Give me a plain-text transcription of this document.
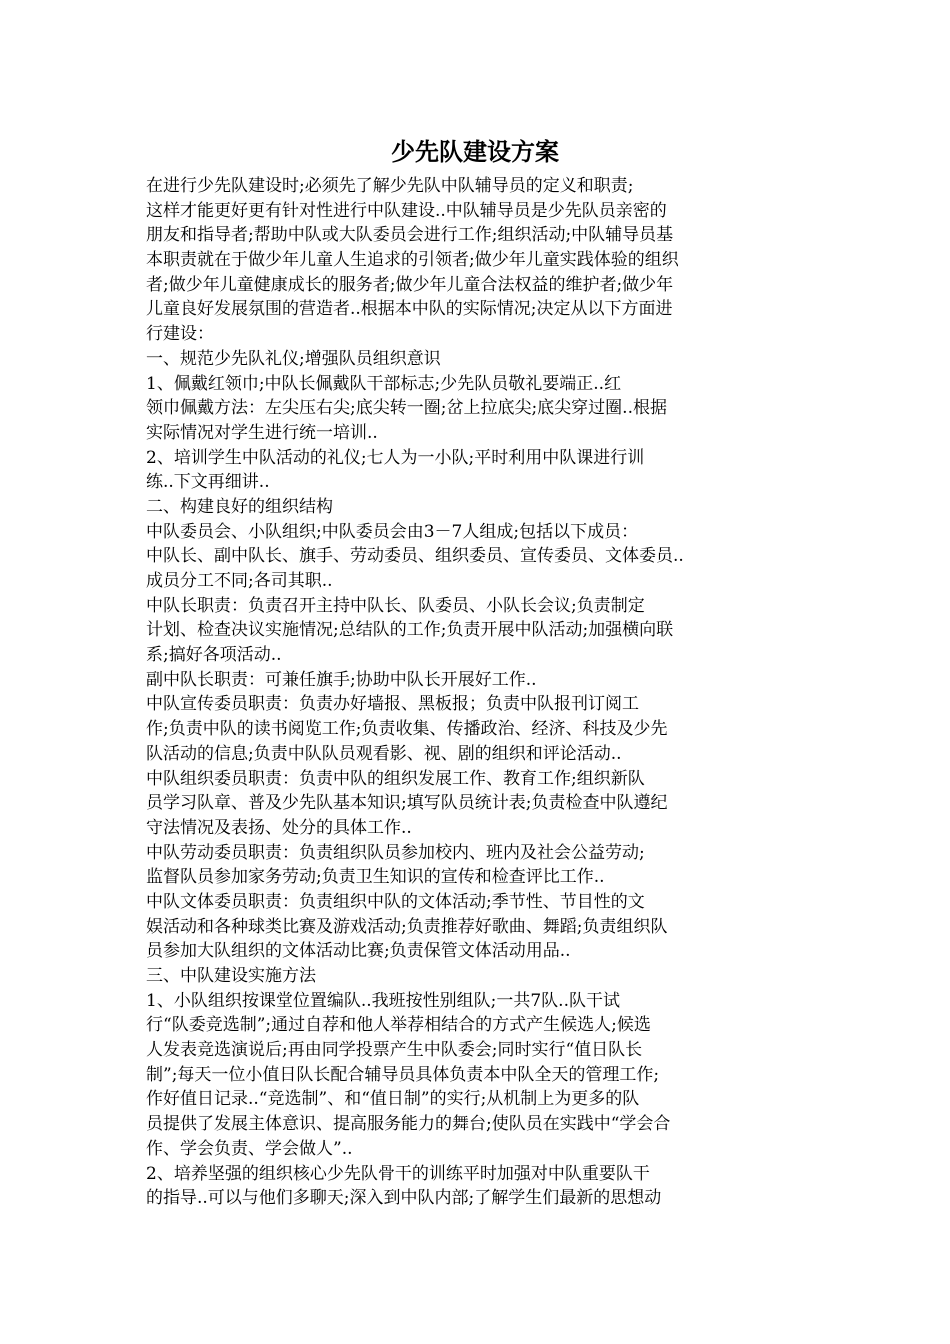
少先队建设方案
在进行少先队建设时;必须先了解少先队中队辅导员的定义和职责;
这样才能更好更有针对性进行中队建设..中队辅导员是少先队员亲密的
朋友和指导者;帮助中队或大队委员会进行工作;组织活动;中队辅导员基
本职责就在于做少年儿童人生追求的引领者;做少年儿童实践体验的组织
者;做少年儿童健康成长的服务者;做少年儿童合法权益的维护者;做少年
儿童良好发展氛围的营造者..根据本中队的实际情况;决定从以下方面进
行建设：
一、规范少先队礼仪;增强队员组织意识
1、佩戴红领巾;中队长佩戴队干部标志;少先队员敬礼要端正..红
领巾佩戴方法：左尖压右尖;底尖转一圈;岔上拉底尖;底尖穿过圈..根据
实际情况对学生进行统一培训..
2、培训学生中队活动的礼仪;七人为一小队;平时利用中队课进行训
练..下文再细讲..
二、构建良好的组织结构
中队委员会、小队组织;中队委员会由3－7人组成;包括以下成员：
中队长、副中队长、旗手、劳动委员、组织委员、宣传委员、文体委员..
成员分工不同;各司其职..
中队长职责：负责召开主持中队长、队委员、小队长会议;负责制定
计划、检查决议实施情况;总结队的工作;负责开展中队活动;加强横向联
系;搞好各项活动..
副中队长职责：可兼任旗手;协助中队长开展好工作..
中队宣传委员职责：负责办好墙报、黑板报；负责中队报刊订阅工
作;负责中队的读书阅览工作;负责收集、传播政治、经济、科技及少先
队活动的信息;负责中队队员观看影、视、剧的组织和评论活动..
中队组织委员职责：负责中队的组织发展工作、教育工作;组织新队
员学习队章、普及少先队基本知识;填写队员统计表;负责检查中队遵纪
守法情况及表扬、处分的具体工作..
中队劳动委员职责：负责组织队员参加校内、班内及社会公益劳动;
监督队员参加家务劳动;负责卫生知识的宣传和检查评比工作..
中队文体委员职责：负责组织中队的文体活动;季节性、节目性的文
娱活动和各种球类比赛及游戏活动;负责推荐好歌曲、舞蹈;负责组织队
员参加大队组织的文体活动比赛;负责保管文体活动用品..
三、中队建设实施方法
1、小队组织按课堂位置编队..我班按性别组队;一共7队..队干试
行“队委竞选制”;通过自荐和他人举荐相结合的方式产生候选人;候选
人发表竞选演说后;再由同学投票产生中队委会;同时实行“值日队长
制”;每天一位小值日队长配合辅导员具体负责本中队全天的管理工作;
作好值日记录..“竞选制”、和“值日制”的实行;从机制上为更多的队
员提供了发展主体意识、提高服务能力的舞台;使队员在实践中“学会合
作、学会负责、学会做人”..
2、培养坚强的组织核心少先队骨干的训练平时加强对中队重要队干
的指导..可以与他们多聊天;深入到中队内部;了解学生们最新的思想动
